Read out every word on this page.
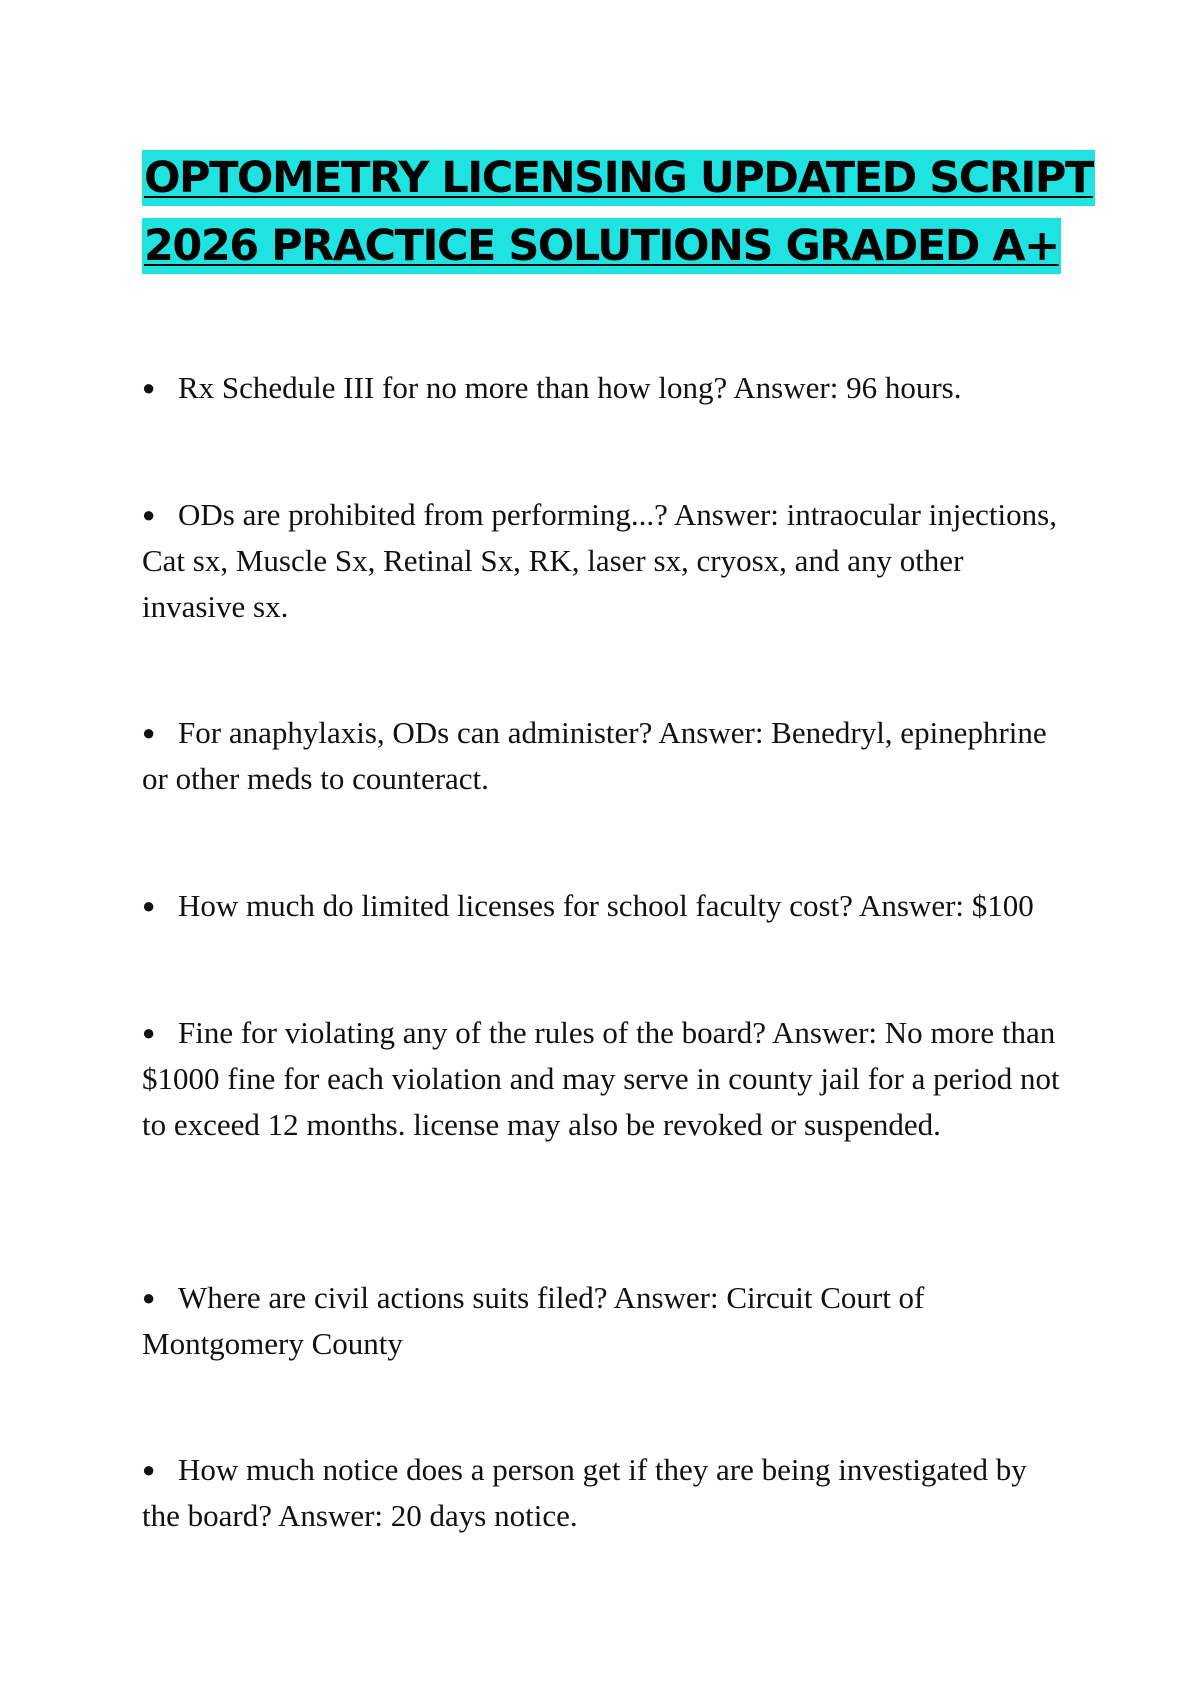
OPTOMETRY LICENSING UPDATED SCRIPT
2026 PRACTICE SOLUTIONS GRADED A+
● Rx Schedule III for no more than how long? Answer: 96 hours.
● ODs are prohibited from performing...? Answer: intraocular injections, Cat sx, Muscle Sx, Retinal Sx, RK, laser sx, cryosx, and any other invasive sx.
● For anaphylaxis, ODs can administer? Answer: Benedryl, epinephrine or other meds to counteract.
● How much do limited licenses for school faculty cost? Answer: $100
● Fine for violating any of the rules of the board? Answer: No more than $1000 fine for each violation and may serve in county jail for a period not to exceed 12 months. license may also be revoked or suspended.
● Where are civil actions suits filed? Answer: Circuit Court of Montgomery County
● How much notice does a person get if they are being investigated by the board? Answer: 20 days notice.
